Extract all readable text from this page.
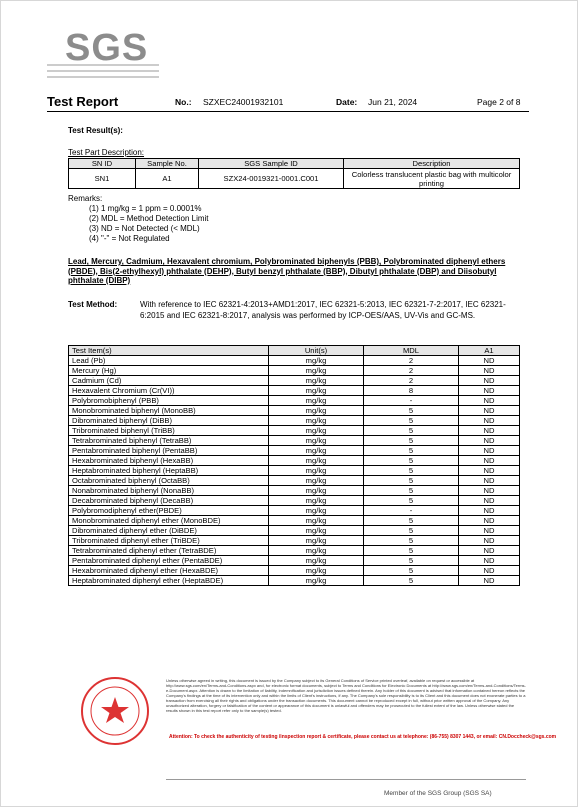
SGS
Test Report	No.: SZXEC24001932101	Date: Jun 21, 2024	Page 2 of 8
Test Result(s):
Test Part Description:
SN ID	Sample No.	SGS Sample ID	Description
SN1	A1	SZX24-0019321-0001.C001	Colorless translucent plastic bag with multicolor printing
Remarks:
(1) 1 mg/kg = 1 ppm = 0.0001%
(2) MDL = Method Detection Limit
(3) ND = Not Detected (< MDL)
(4) "-" = Not Regulated
Lead, Mercury, Cadmium, Hexavalent chromium, Polybrominated biphenyls (PBB), Polybrominated diphenyl ethers (PBDE), Bis(2-ethylhexyl) phthalate (DEHP), Butyl benzyl phthalate (BBP), Dibutyl phthalate (DBP) and Diisobutyl phthalate (DIBP)
Test Method:	With reference to IEC 62321-4:2013+AMD1:2017, IEC 62321-5:2013, IEC 62321-7-2:2017, IEC 62321-6:2015 and IEC 62321-8:2017, analysis was performed by ICP-OES/AAS, UV-Vis and GC-MS.
Test Item(s)	Unit(s)	MDL	A1
Lead (Pb)	mg/kg	2	ND
Mercury (Hg)	mg/kg	2	ND
Cadmium (Cd)	mg/kg	2	ND
Hexavalent Chromium (Cr(VI))	mg/kg	8	ND
Polybromobiphenyl (PBB)	mg/kg	-	ND
Monobrominated biphenyl (MonoBB)	mg/kg	5	ND
Dibrominated biphenyl (DiBB)	mg/kg	5	ND
Tribrominated biphenyl (TriBB)	mg/kg	5	ND
Tetrabrominated biphenyl (TetraBB)	mg/kg	5	ND
Pentabrominated biphenyl (PentaBB)	mg/kg	5	ND
Hexabrominated biphenyl (HexaBB)	mg/kg	5	ND
Heptabrominated biphenyl (HeptaBB)	mg/kg	5	ND
Octabrominated biphenyl (OctaBB)	mg/kg	5	ND
Nonabrominated biphenyl (NonaBB)	mg/kg	5	ND
Decabrominated biphenyl (DecaBB)	mg/kg	5	ND
Polybromodiphenyl ether(PBDE)	mg/kg	-	ND
Monobrominated diphenyl ether (MonoBDE)	mg/kg	5	ND
Dibrominated diphenyl ether (DiBDE)	mg/kg	5	ND
Tribrominated diphenyl ether (TriBDE)	mg/kg	5	ND
Tetrabrominated diphenyl ether (TetraBDE)	mg/kg	5	ND
Pentabrominated diphenyl ether (PentaBDE)	mg/kg	5	ND
Hexabrominated diphenyl ether (HexaBDE)	mg/kg	5	ND
Heptabrominated diphenyl ether (HeptaBDE)	mg/kg	5	ND
Unless otherwise agreed in writing, this document is issued by the Company subject to its General Conditions of Service printed overleaf, available on request or accessible at http://www.sgs.com/en/Terms-and-Conditions.aspx and, for electronic format documents, subject to Terms and Conditions for Electronic Documents at http://www.sgs.com/en/Terms-and-Conditions/Terms-e-Document.aspx. Attention is drawn to the limitation of liability, indemnification and jurisdiction issues defined therein. Any holder of this document is advised that information contained hereon reflects the Company's findings at the time of its intervention only and within the limits of Client's instructions, if any. The Company's sole responsibility is to its Client and this document does not exonerate parties to a transaction from exercising all their rights and obligations under the transaction documents. This document cannot be reproduced except in full, without prior written approval of the Company. Any unauthorized alteration, forgery or falsification of the content or appearance of this document is unlawful and offenders may be prosecuted to the fullest extent of the law. Unless otherwise stated the results shown in this test report refer only to the sample(s) tested.
Attention: To check the authenticity of testing /inspection report & certificate, please contact us at telephone: (86-755) 8307 1443, or email: CN.Doccheck@sgs.com
Member of the SGS Group (SGS SA)
